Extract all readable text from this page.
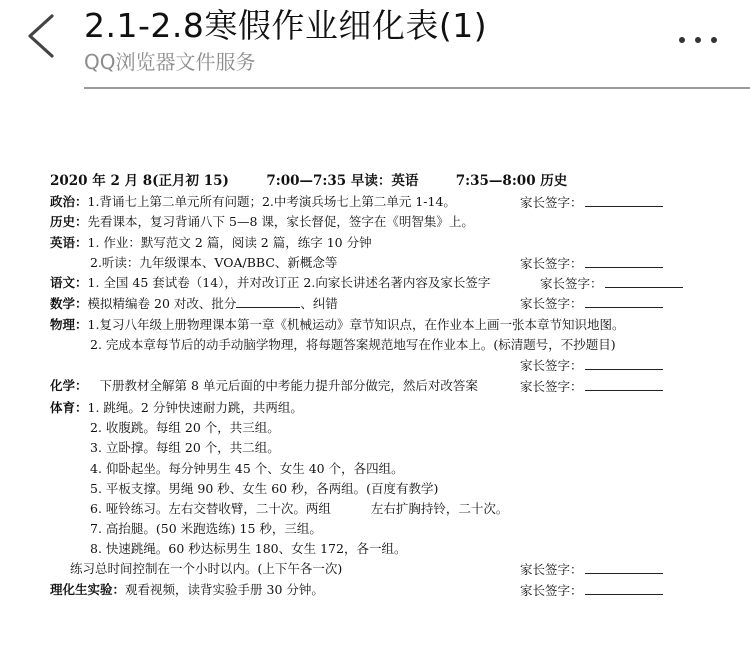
2.1-2.8寒假作业细化表(1)
QQ浏览器文件服务
2020 年 2 月 8(正月初 15)	7:00—7:35 早读：英语	7:35—8:00 历史
政治：1.背诵七上第二单元所有问题；2.中考演兵场七上第二单元 1-14。	家长签字：
历史：先看课本，复习背诵八下 5—8 课，家长督促，签字在《明智集》上。
英语：1. 作业：默写范文 2 篇，阅读 2 篇，练字 10 分钟
2.听读：九年级课本、VOA/BBC、新概念等	家长签字：
语文：1. 全国 45 套试卷（14），并对改订正 2.向家长讲述名著内容及家长签字	家长签字：
数学：模拟精编卷 20 对改、批分	、纠错	家长签字：
物理：1.复习八年级上册物理课本第一章《机械运动》章节知识点，在作业本上画一张本章节知识地图。
2. 完成本章每节后的动手动脑学物理，将每题答案规范地写在作业本上。(标清题号，不抄题目)
家长签字：
化学： 下册教材全解第 8 单元后面的中考能力提升部分做完，然后对改答案	家长签字：
体育：1. 跳绳。2 分钟快速耐力跳，共两组。
2. 收腹跳。每组 20 个，共三组。
3. 立卧撑。每组 20 个，共二组。
4. 仰卧起坐。每分钟男生 45 个、女生 40 个，各四组。
5. 平板支撑。男绳 90 秒、女生 60 秒，各两组。(百度有教学)
6. 哑铃练习。左右交替收臂，二十次。两组	左右扩胸持铃，二十次。
7. 高抬腿。(50 米跑选练) 15 秒，三组。
8. 快速跳绳。60 秒达标男生 180、女生 172，各一组。
练习总时间控制在一个小时以内。(上下午各一次)	家长签字：
理化生实验：观看视频，读背实验手册 30 分钟。	家长签字：
